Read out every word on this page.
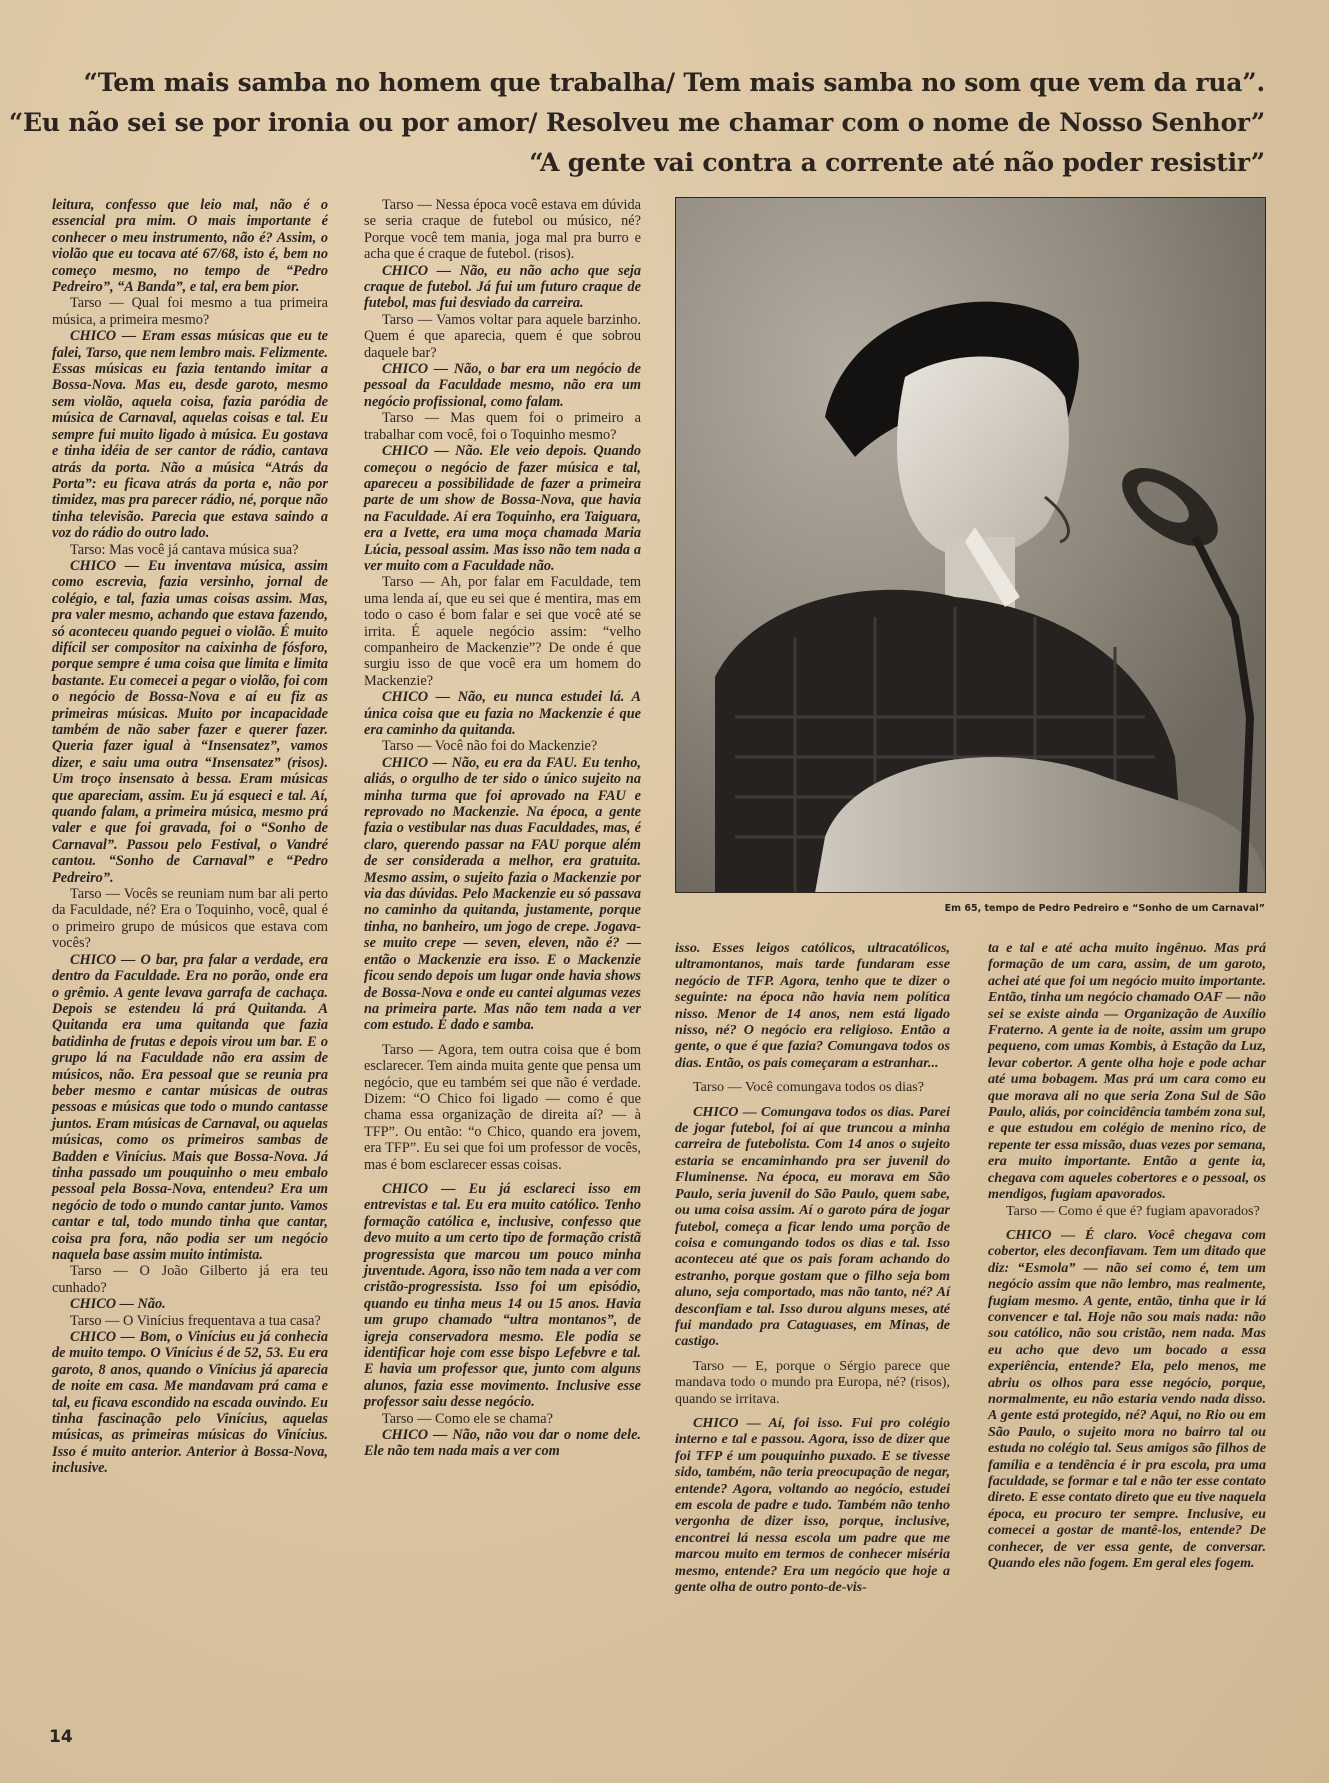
“Tem mais samba no homem que trabalha/ Tem mais samba no som que vem da rua”.

“Eu não sei se por ironia ou por amor/ Resolveu me chamar com o nome de Nosso Senhor”

“A gente vai contra a corrente até não poder resistir”

leitura, confesso que leio mal, não é o essencial pra mim. O mais importante é conhecer o meu instrumento, não é? Assim, o violão que eu tocava até 67/68, isto é, bem no começo mesmo, no tempo de “Pedro Pedreiro”, “A Banda”, e tal, era bem pior.

Tarso — Qual foi mesmo a tua primeira música, a primeira mesmo?

CHICO — Eram essas músicas que eu te falei, Tarso, que nem lembro mais. Felizmente. Essas músicas eu fazia tentando imitar a Bossa-Nova. Mas eu, desde garoto, mesmo sem violão, aquela coisa, fazia paródia de música de Carnaval, aquelas coisas e tal. Eu sempre fui muito ligado à música. Eu gostava e tinha idéia de ser cantor de rádio, cantava atrás da porta. Não a música “Atrás da Porta”: eu ficava atrás da porta e, não por timidez, mas pra parecer rádio, né, porque não tinha televisão. Parecia que estava saindo a voz do rádio do outro lado.

Tarso: Mas você já cantava música sua?

CHICO — Eu inventava música, assim como escrevia, fazia versinho, jornal de colégio, e tal, fazia umas coisas assim. Mas, pra valer mesmo, achando que estava fazendo, só aconteceu quando peguei o violão. É muito difícil ser compositor na caixinha de fósforo, porque sempre é uma coisa que limita e limita bastante. Eu comecei a pegar o violão, foi com o negócio de Bossa-Nova e aí eu fiz as primeiras músicas. Muito por incapacidade também de não saber fazer e querer fazer. Queria fazer igual à “Insensatez”, vamos dizer, e saiu uma outra “Insensatez” (risos). Um troço insensato à bessa. Eram músicas que apareciam, assim. Eu já esqueci e tal. Aí, quando falam, a primeira música, mesmo prá valer e que foi gravada, foi o “Sonho de Carnaval”. Passou pelo Festival, o Vandré cantou. “Sonho de Carnaval” e “Pedro Pedreiro”.

Tarso — Vocês se reuniam num bar ali perto da Faculdade, né? Era o Toquinho, você, qual é o primeiro grupo de músicos que estava com vocês?

CHICO — O bar, pra falar a verdade, era dentro da Faculdade. Era no porão, onde era o grêmio. A gente levava garrafa de cachaça. Depois se estendeu lá prá Quitanda. A Quitanda era uma quitanda que fazia batidinha de frutas e depois virou um bar. E o grupo lá na Faculdade não era assim de músicos, não. Era pessoal que se reunia pra beber mesmo e cantar músicas de outras pessoas e músicas que todo o mundo cantasse juntos. Eram músicas de Carnaval, ou aquelas músicas, como os primeiros sambas de Badden e Vinícius. Mais que Bossa-Nova. Já tinha passado um pouquinho o meu embalo pessoal pela Bossa-Nova, entendeu? Era um negócio de todo o mundo cantar junto. Vamos cantar e tal, todo mundo tinha que cantar, coisa pra fora, não podia ser um negócio naquela base assim muito intimista.

Tarso — O João Gilberto já era teu cunhado?

CHICO — Não.

Tarso — O Vinícius frequentava a tua casa?

CHICO — Bom, o Vinícius eu já conhecia de muito tempo. O Vinícius é de 52, 53. Eu era garoto, 8 anos, quando o Vinícius já aparecia de noite em casa. Me mandavam prá cama e tal, eu ficava escondido na escada ouvindo. Eu tinha fascinação pelo Vinícius, aquelas músicas, as primeiras músicas do Vinícius. Isso é muito anterior. Anterior à Bossa-Nova, inclusive.

Tarso — Nessa época você estava em dúvida se seria craque de futebol ou músico, né? Porque você tem mania, joga mal pra burro e acha que é craque de futebol. (risos).

CHICO — Não, eu não acho que seja craque de futebol. Já fui um futuro craque de futebol, mas fui desviado da carreira.

Tarso — Vamos voltar para aquele barzinho. Quem é que aparecia, quem é que sobrou daquele bar?

CHICO — Não, o bar era um negócio de pessoal da Faculdade mesmo, não era um negócio profissional, como falam.

Tarso — Mas quem foi o primeiro a trabalhar com você, foi o Toquinho mesmo?

CHICO — Não. Ele veio depois. Quando começou o negócio de fazer música e tal, apareceu a possibilidade de fazer a primeira parte de um show de Bossa-Nova, que havia na Faculdade. Aí era Toquinho, era Taiguara, era a Ivette, era uma moça chamada Maria Lúcia, pessoal assim. Mas isso não tem nada a ver muito com a Faculdade não.

Tarso — Ah, por falar em Faculdade, tem uma lenda aí, que eu sei que é mentira, mas em todo o caso é bom falar e sei que você até se irrita. É aquele negócio assim: “velho companheiro de Mackenzie”? De onde é que surgiu isso de que você era um homem do Mackenzie?

CHICO — Não, eu nunca estudei lá. A única coisa que eu fazia no Mackenzie é que era caminho da quitanda.

Tarso — Você não foi do Mackenzie?

CHICO — Não, eu era da FAU. Eu tenho, aliás, o orgulho de ter sido o único sujeito na minha turma que foi aprovado na FAU e reprovado no Mackenzie. Na época, a gente fazia o vestibular nas duas Faculdades, mas, é claro, querendo passar na FAU porque além de ser considerada a melhor, era gratuita. Mesmo assim, o sujeito fazia o Mackenzie por via das dúvidas. Pelo Mackenzie eu só passava no caminho da quitanda, justamente, porque tinha, no banheiro, um jogo de crepe. Jogava-se muito crepe — seven, eleven, não é? — então o Mackenzie era isso. E o Mackenzie ficou sendo depois um lugar onde havia shows de Bossa-Nova e onde eu cantei algumas vezes na primeira parte. Mas não tem nada a ver com estudo. É dado e samba.

Tarso — Agora, tem outra coisa que é bom esclarecer. Tem ainda muita gente que pensa um negócio, que eu também sei que não é verdade. Dizem: “O Chico foi ligado — como é que chama essa organização de direita aí? — à TFP”. Ou então: “o Chico, quando era jovem, era TFP”. Eu sei que foi um professor de vocês, mas é bom esclarecer essas coisas.

CHICO — Eu já esclareci isso em entrevistas e tal. Eu era muito católico. Tenho formação católica e, inclusive, confesso que devo muito a um certo tipo de formação cristã progressista que marcou um pouco minha juventude. Agora, isso não tem nada a ver com cristão-progressista. Isso foi um episódio, quando eu tinha meus 14 ou 15 anos. Havia um grupo chamado “ultra montanos”, de igreja conservadora mesmo. Ele podia se identificar hoje com esse bispo Lefebvre e tal. E havia um professor que, junto com alguns alunos, fazia esse movimento. Inclusive esse professor saiu desse negócio.

Tarso — Como ele se chama?

CHICO — Não, não vou dar o nome dele. Ele não tem nada mais a ver com

Em 65, tempo de Pedro Pedreiro e “Sonho de um Carnaval”

isso. Esses leigos católicos, ultracatólicos, ultramontanos, mais tarde fundaram esse negócio de TFP. Agora, tenho que te dizer o seguinte: na época não havia nem política nisso. Menor de 14 anos, nem está ligado nisso, né? O negócio era religioso. Então a gente, o que é que fazia? Comungava todos os dias. Então, os pais começaram a estranhar...

Tarso — Você comungava todos os dias?

CHICO — Comungava todos os dias. Parei de jogar futebol, foi aí que truncou a minha carreira de futebolista. Com 14 anos o sujeito estaria se encaminhando pra ser juvenil do Fluminense. Na época, eu morava em São Paulo, seria juvenil do São Paulo, quem sabe, ou uma coisa assim. Aí o garoto pára de jogar futebol, começa a ficar lendo uma porção de coisa e comungando todos os dias e tal. Isso aconteceu até que os pais foram achando do estranho, porque gostam que o filho seja bom aluno, seja comportado, mas não tanto, né? Aí desconfiam e tal. Isso durou alguns meses, até fui mandado pra Cataguases, em Minas, de castigo.

Tarso — E, porque o Sérgio parece que mandava todo o mundo pra Europa, né? (risos), quando se irritava.

CHICO — Aí, foi isso. Fui pro colégio interno e tal e passou. Agora, isso de dizer que foi TFP é um pouquinho puxado. E se tivesse sido, também, não teria preocupação de negar, entende? Agora, voltando ao negócio, estudei em escola de padre e tudo. Também não tenho vergonha de dizer isso, porque, inclusive, encontrei lá nessa escola um padre que me marcou muito em termos de conhecer miséria mesmo, entende? Era um negócio que hoje a gente olha de outro ponto-de-vis-

ta e tal e até acha muito ingênuo. Mas prá formação de um cara, assim, de um garoto, achei até que foi um negócio muito importante. Então, tinha um negócio chamado OAF — não sei se existe ainda — Organização de Auxílio Fraterno. A gente ia de noite, assim um grupo pequeno, com umas Kombis, à Estação da Luz, levar cobertor. A gente olha hoje e pode achar até uma bobagem. Mas prá um cara como eu que morava ali no que seria Zona Sul de São Paulo, aliás, por coincidência também zona sul, e que estudou em colégio de menino rico, de repente ter essa missão, duas vezes por semana, era muito importante. Então a gente ia, chegava com aqueles cobertores e o pessoal, os mendigos, fugiam apavorados.

Tarso — Como é que é? fugiam apavorados?

CHICO — É claro. Você chegava com cobertor, eles deconfiavam. Tem um ditado que diz: “Esmola” — não sei como é, tem um negócio assim que não lembro, mas realmente, fugiam mesmo. A gente, então, tinha que ir lá convencer e tal. Hoje não sou mais nada: não sou católico, não sou cristão, nem nada. Mas eu acho que devo um bocado a essa experiência, entende? Ela, pelo menos, me abriu os olhos para esse negócio, porque, normalmente, eu não estaria vendo nada disso. A gente está protegido, né? Aqui, no Rio ou em São Paulo, o sujeito mora no bairro tal ou estuda no colégio tal. Seus amigos são filhos de família e a tendência é ir pra escola, pra uma faculdade, se formar e tal e não ter esse contato direto. E esse contato direto que eu tive naquela época, eu procuro ter sempre. Inclusive, eu comecei a gostar de mantê-los, entende? De conhecer, de ver essa gente, de conversar. Quando eles não fogem. Em geral eles fogem.

14
